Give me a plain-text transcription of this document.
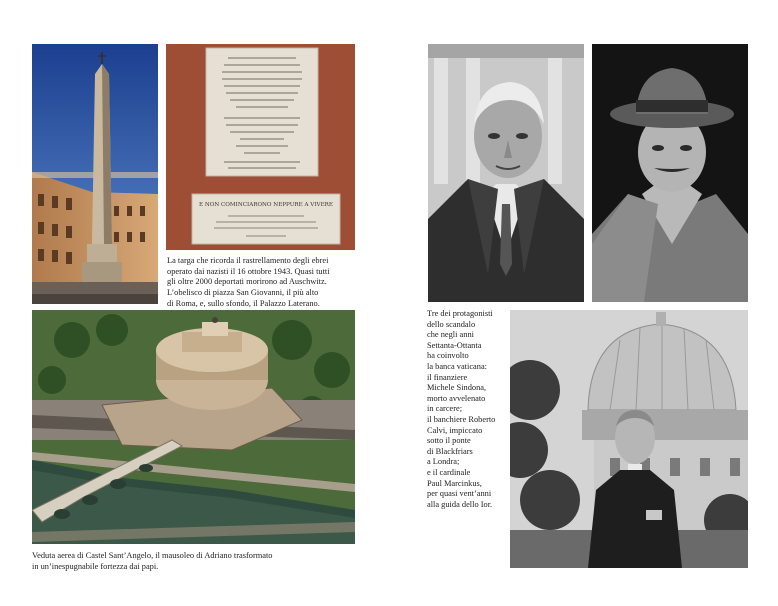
E NON COMINCIARONO NEPPURE A VIVERE
La targa che ricorda il rastrellamento degli ebrei
operato dai nazisti il 16 ottobre 1943. Quasi tutti
gli oltre 2000 deportati morirono ad Auschwitz.
L’obelisco di piazza San Giovanni, il più alto
di Roma, e, sullo sfondo, il Palazzo Laterano.
Veduta aerea di Castel Sant’Angelo, il mausoleo di Adriano trasformato
in un’inespugnabile fortezza dai papi.
Tre dei protagonisti
dello scandalo
che negli anni
Settanta-Ottanta
ha coinvolto
la banca vaticana:
il finanziere
Michele Sindona,
morto avvelenato
in carcere;
il banchiere Roberto
Calvi, impiccato
sotto il ponte
di Blackfriars
a Londra;
e il cardinale
Paul Marcinkus,
per quasi vent’anni
alla guida dello Ior.
